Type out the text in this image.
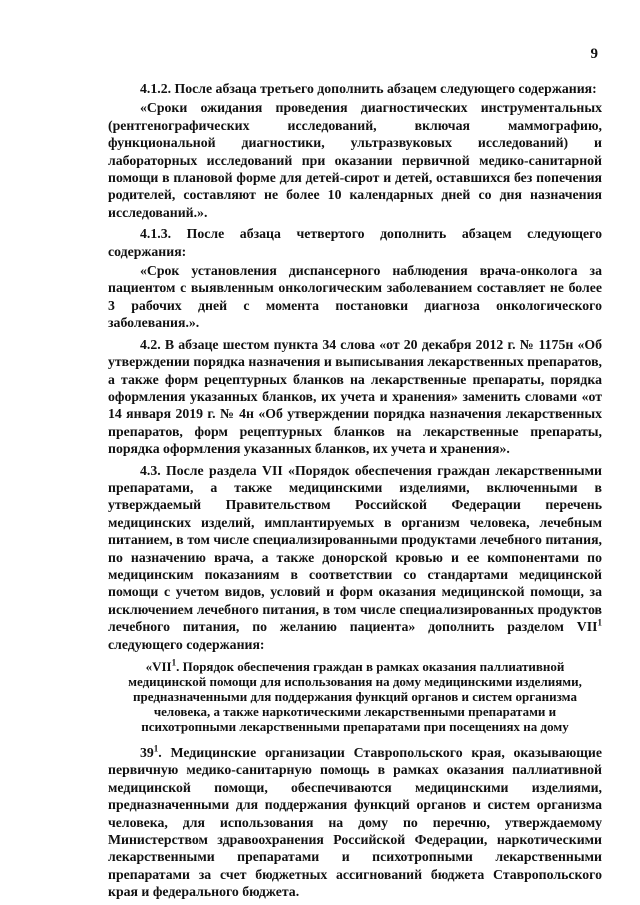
9

4.1.2. После абзаца третьего дополнить абзацем следующего содержания:

«Сроки ожидания проведения диагностических инструментальных (рентгенографических исследований, включая маммографию, функциональной диагностики, ультразвуковых исследований) и лабораторных исследований при оказании первичной медико-санитарной помощи в плановой форме для детей-сирот и детей, оставшихся без попечения родителей, составляют не более 10 календарных дней со дня назначения исследований.».

4.1.3. После абзаца четвертого дополнить абзацем следующего содержания:

«Срок установления диспансерного наблюдения врача-онколога за пациентом с выявленным онкологическим заболеванием составляет не более 3 рабочих дней с момента постановки диагноза онкологического заболевания.».

4.2. В абзаце шестом пункта 34 слова «от 20 декабря 2012 г. № 1175н «Об утверждении порядка назначения и выписывания лекарственных препаратов, а также форм рецептурных бланков на лекарственные препараты, порядка оформления указанных бланков, их учета и хранения» заменить словами «от 14 января 2019 г. № 4н «Об утверждении порядка назначения лекарственных препаратов, форм рецептурных бланков на лекарственные препараты, порядка оформления указанных бланков, их учета и хранения».

4.3. После раздела VII «Порядок обеспечения граждан лекарственными препаратами, а также медицинскими изделиями, включенными в утверждаемый Правительством Российской Федерации перечень медицинских изделий, имплантируемых в организм человека, лечебным питанием, в том числе специализированными продуктами лечебного питания, по назначению врача, а также донорской кровью и ее компонентами по медицинским показаниям в соответствии со стандартами медицинской помощи с учетом видов, условий и форм оказания медицинской помощи, за исключением лечебного питания, в том числе специализированных продуктов лечебного питания, по желанию пациента» дополнить разделом VII$^1$ следующего содержания:

«VII$^1$. Порядок обеспечения граждан в рамках оказания паллиативной медицинской помощи для использования на дому медицинскими изделиями, предназначенными для поддержания функций органов и систем организма человека, а также наркотическими лекарственными препаратами и психотропными лекарственными препаратами при посещениях на дому

$39^1$. Медицинские организации Ставропольского края, оказывающие первичную медико-санитарную помощь в рамках оказания паллиативной медицинской помощи, обеспечиваются медицинскими изделиями, предназначенными для поддержания функций органов и систем организма человека, для использования на дому по перечню, утверждаемому Министерством здравоохранения Российской Федерации, наркотическими лекарственными препаратами и психотропными лекарственными препаратами за счет бюджетных ассигнований бюджета Ставропольского края и федерального бюджета.
